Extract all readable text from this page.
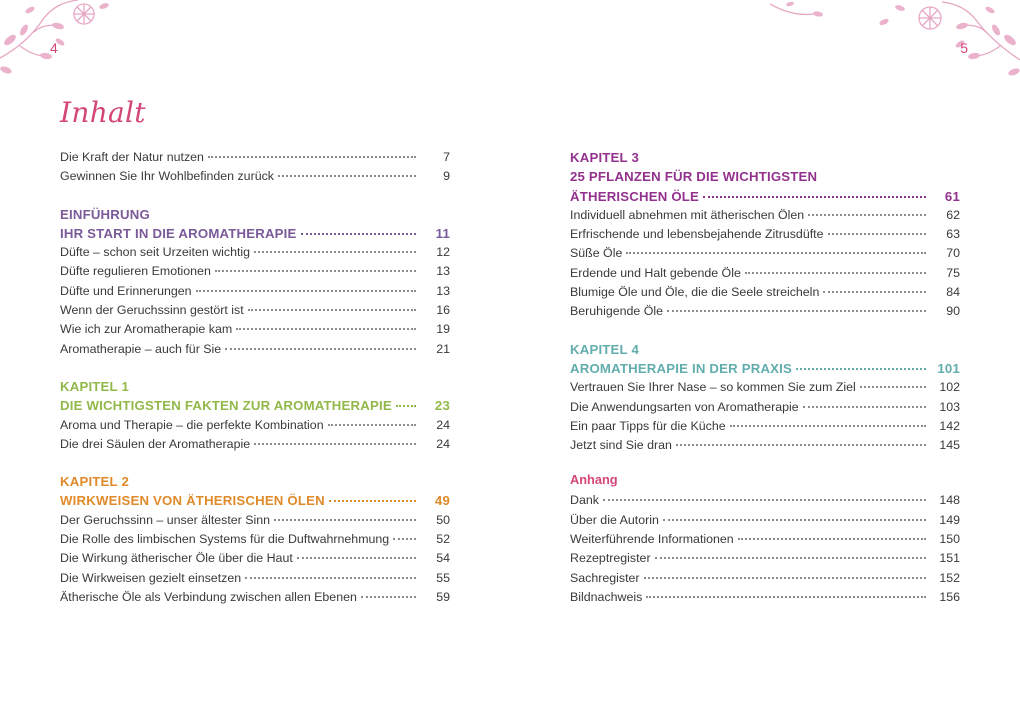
4
Inhalt
Die Kraft der Natur nutzen	7
Gewinnen Sie Ihr Wohlbefinden zurück	9
EINFÜHRUNG
IHR START IN DIE AROMATHERAPIE	11
Düfte – schon seit Urzeiten wichtig	12
Düfte regulieren Emotionen	13
Düfte und Erinnerungen	13
Wenn der Geruchssinn gestört ist	16
Wie ich zur Aromatherapie kam	19
Aromatherapie – auch für Sie	21
KAPITEL 1
DIE WICHTIGSTEN FAKTEN ZUR AROMATHERAPIE	23
Aroma und Therapie – die perfekte Kombination	24
Die drei Säulen der Aromatherapie	24
KAPITEL 2
WIRKWEISEN VON ÄTHERISCHEN ÖLEN	49
Der Geruchssinn – unser ältester Sinn	50
Die Rolle des limbischen Systems für die Duftwahrnehmung	52
Die Wirkung ätherischer Öle über die Haut	54
Die Wirkweisen gezielt einsetzen	55
Ätherische Öle als Verbindung zwischen allen Ebenen	59
5
KAPITEL 3
25 PFLANZEN FÜR DIE WICHTIGSTEN
ÄTHERISCHEN ÖLE	61
Individuell abnehmen mit ätherischen Ölen	62
Erfrischende und lebensbejahende Zitrusdüfte	63
Süße Öle	70
Erdende und Halt gebende Öle	75
Blumige Öle und Öle, die die Seele streicheln	84
Beruhigende Öle	90
KAPITEL 4
AROMATHERAPIE IN DER PRAXIS	101
Vertrauen Sie Ihrer Nase – so kommen Sie zum Ziel	102
Die Anwendungsarten von Aromatherapie	103
Ein paar Tipps für die Küche	142
Jetzt sind Sie dran	145
Anhang
Dank	148
Über die Autorin	149
Weiterführende Informationen	150
Rezeptregister	151
Sachregister	152
Bildnachweis	156
